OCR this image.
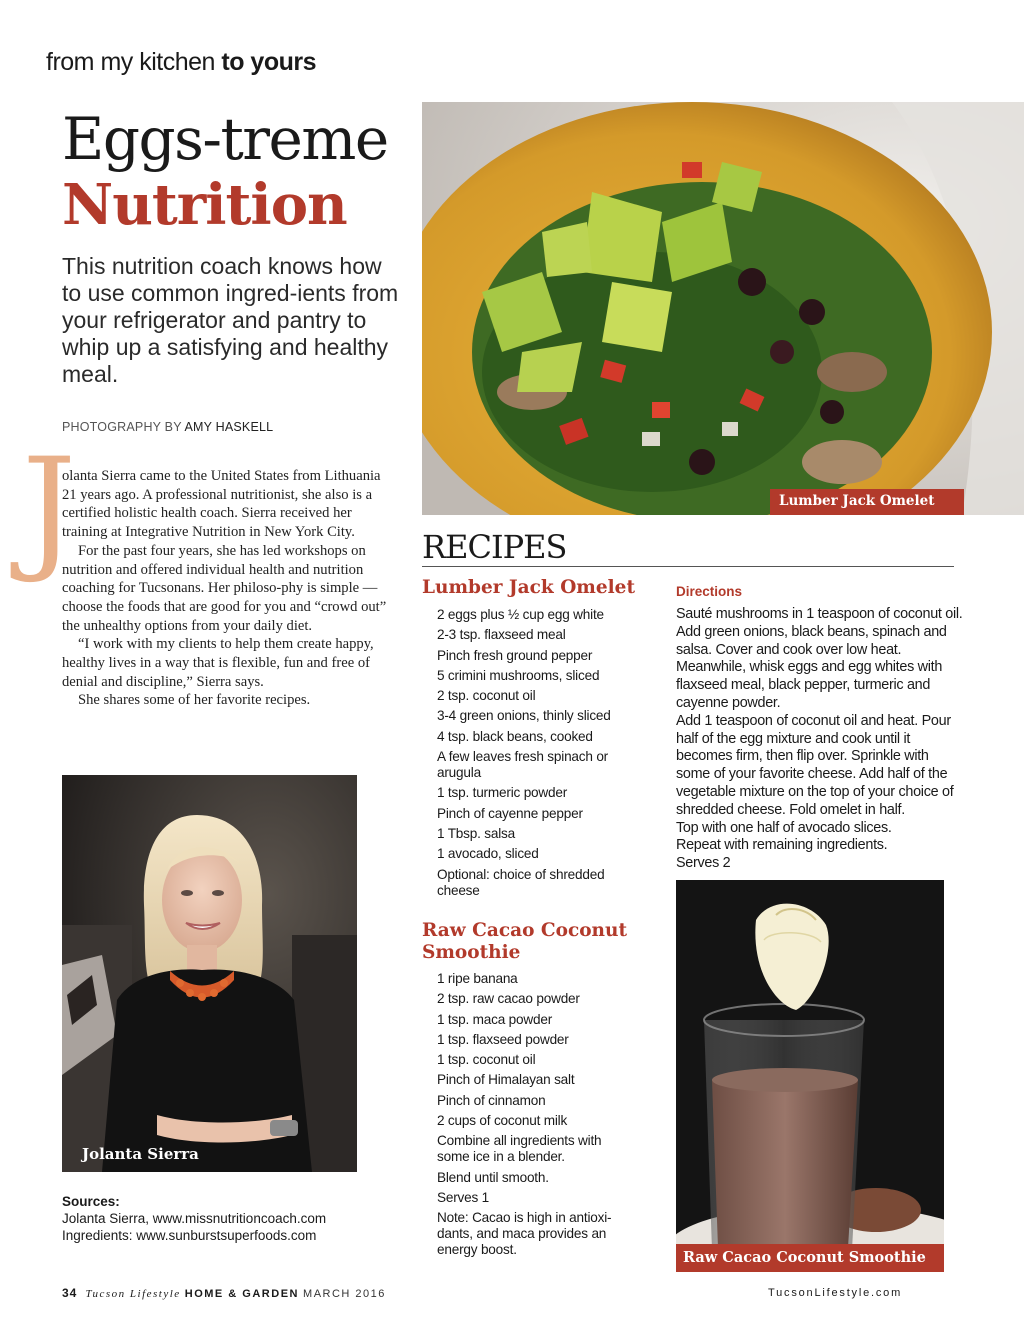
from my kitchen to yours
Eggs-treme
Nutrition
This nutrition coach knows how to use common ingred-ients from your refrigerator and pantry to whip up a satisfying and healthy meal.
PHOTOGRAPHY BY AMY HASKELL
J

olanta Sierra came to the United States from Lithuania 21 years ago. A professional nutritionist, she also is a certified holistic health coach. Sierra received her training at Integrative Nutrition in New York City.

For the past four years, she has led workshops on nutrition and offered individual health and nutrition coaching for Tucsonans. Her philoso-phy is simple — choose the foods that are good for you and “crowd out” the unhealthy options from your daily diet.

“I work with my clients to help them create happy, healthy lives in a way that is flexible, fun and free of denial and discipline,” Sierra says.

She shares some of her favorite recipes.

Jolanta Sierra
Sources:
Jolanta Sierra, www.missnutritioncoach.com
Ingredients: www.sunburstsuperfoods.com
Lumber Jack Omelet
RECIPES
Lumber Jack Omelet
2 eggs plus ½ cup egg white
2-3 tsp. flaxseed meal
Pinch fresh ground pepper
5 crimini mushrooms, sliced
2 tsp. coconut oil
3-4 green onions, thinly sliced
4 tsp. black beans, cooked
A few leaves fresh spinach or arugula
1 tsp. turmeric powder
Pinch of cayenne pepper
1 Tbsp. salsa
1 avocado, sliced
Optional: choice of shredded cheese
Directions
Sauté mushrooms in 1 teaspoon of coconut oil. Add green onions, black beans, spinach and salsa. Cover and cook over low heat. Meanwhile, whisk eggs and egg whites with flaxseed meal, black pepper, turmeric and cayenne powder.
Add 1 teaspoon of coconut oil and heat. Pour half of the egg mixture and cook until it becomes firm, then flip over. Sprinkle with some of your favorite cheese. Add half of the vegetable mixture on the top of your choice of shredded cheese. Fold omelet in half.
Top with one half of avocado slices.
Repeat with remaining ingredients.
Serves 2
Raw Cacao Coconut Smoothie
1 ripe banana
2 tsp. raw cacao powder
1 tsp. maca powder
1 tsp. flaxseed powder
1 tsp. coconut oil
Pinch of Himalayan salt
Pinch of cinnamon
2 cups of coconut milk
Combine all ingredients with some ice in a blender.
Blend until smooth.
Serves 1
Note: Cacao is high in antioxi-dants, and maca provides an energy boost.	Raw Cacao Coconut Smoothie
34 Tucson Lifestyle HOME & GARDEN MARCH 2016	TucsonLifestyle.com
